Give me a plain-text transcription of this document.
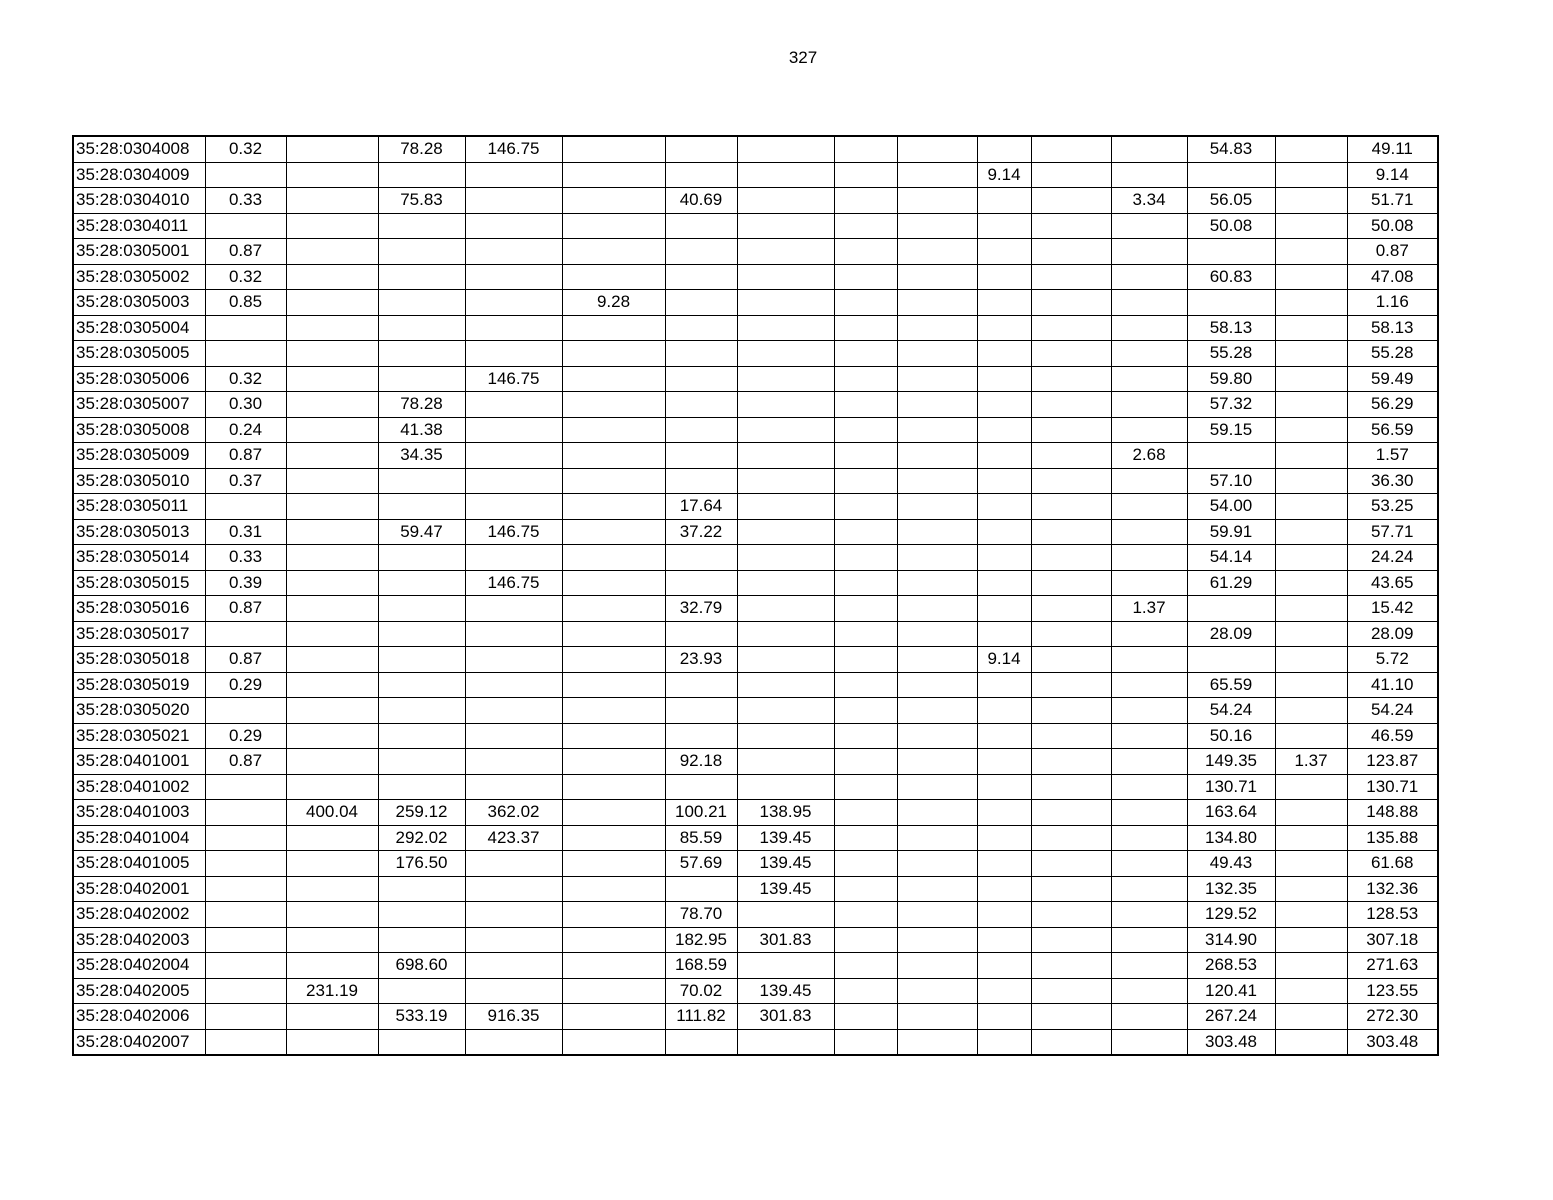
327
35:28:0304008	0.32		78.28	146.75									54.83		49.11
35:28:0304009										9.14					9.14
35:28:0304010	0.33		75.83			40.69						3.34	56.05		51.71
35:28:0304011													50.08		50.08
35:28:0305001	0.87														0.87
35:28:0305002	0.32												60.83		47.08
35:28:0305003	0.85				9.28										1.16
35:28:0305004													58.13		58.13
35:28:0305005													55.28		55.28
35:28:0305006	0.32			146.75									59.80		59.49
35:28:0305007	0.30		78.28										57.32		56.29
35:28:0305008	0.24		41.38										59.15		56.59
35:28:0305009	0.87		34.35									2.68			1.57
35:28:0305010	0.37												57.10		36.30
35:28:0305011						17.64							54.00		53.25
35:28:0305013	0.31		59.47	146.75		37.22							59.91		57.71
35:28:0305014	0.33												54.14		24.24
35:28:0305015	0.39			146.75									61.29		43.65
35:28:0305016	0.87					32.79						1.37			15.42
35:28:0305017													28.09		28.09
35:28:0305018	0.87					23.93				9.14					5.72
35:28:0305019	0.29												65.59		41.10
35:28:0305020													54.24		54.24
35:28:0305021	0.29												50.16		46.59
35:28:0401001	0.87					92.18							149.35	1.37	123.87
35:28:0401002													130.71		130.71
35:28:0401003		400.04	259.12	362.02		100.21	138.95						163.64		148.88
35:28:0401004			292.02	423.37		85.59	139.45						134.80		135.88
35:28:0401005			176.50			57.69	139.45						49.43		61.68
35:28:0402001							139.45						132.35		132.36
35:28:0402002						78.70							129.52		128.53
35:28:0402003						182.95	301.83						314.90		307.18
35:28:0402004			698.60			168.59							268.53		271.63
35:28:0402005		231.19				70.02	139.45						120.41		123.55
35:28:0402006			533.19	916.35		111.82	301.83						267.24		272.30
35:28:0402007													303.48		303.48
